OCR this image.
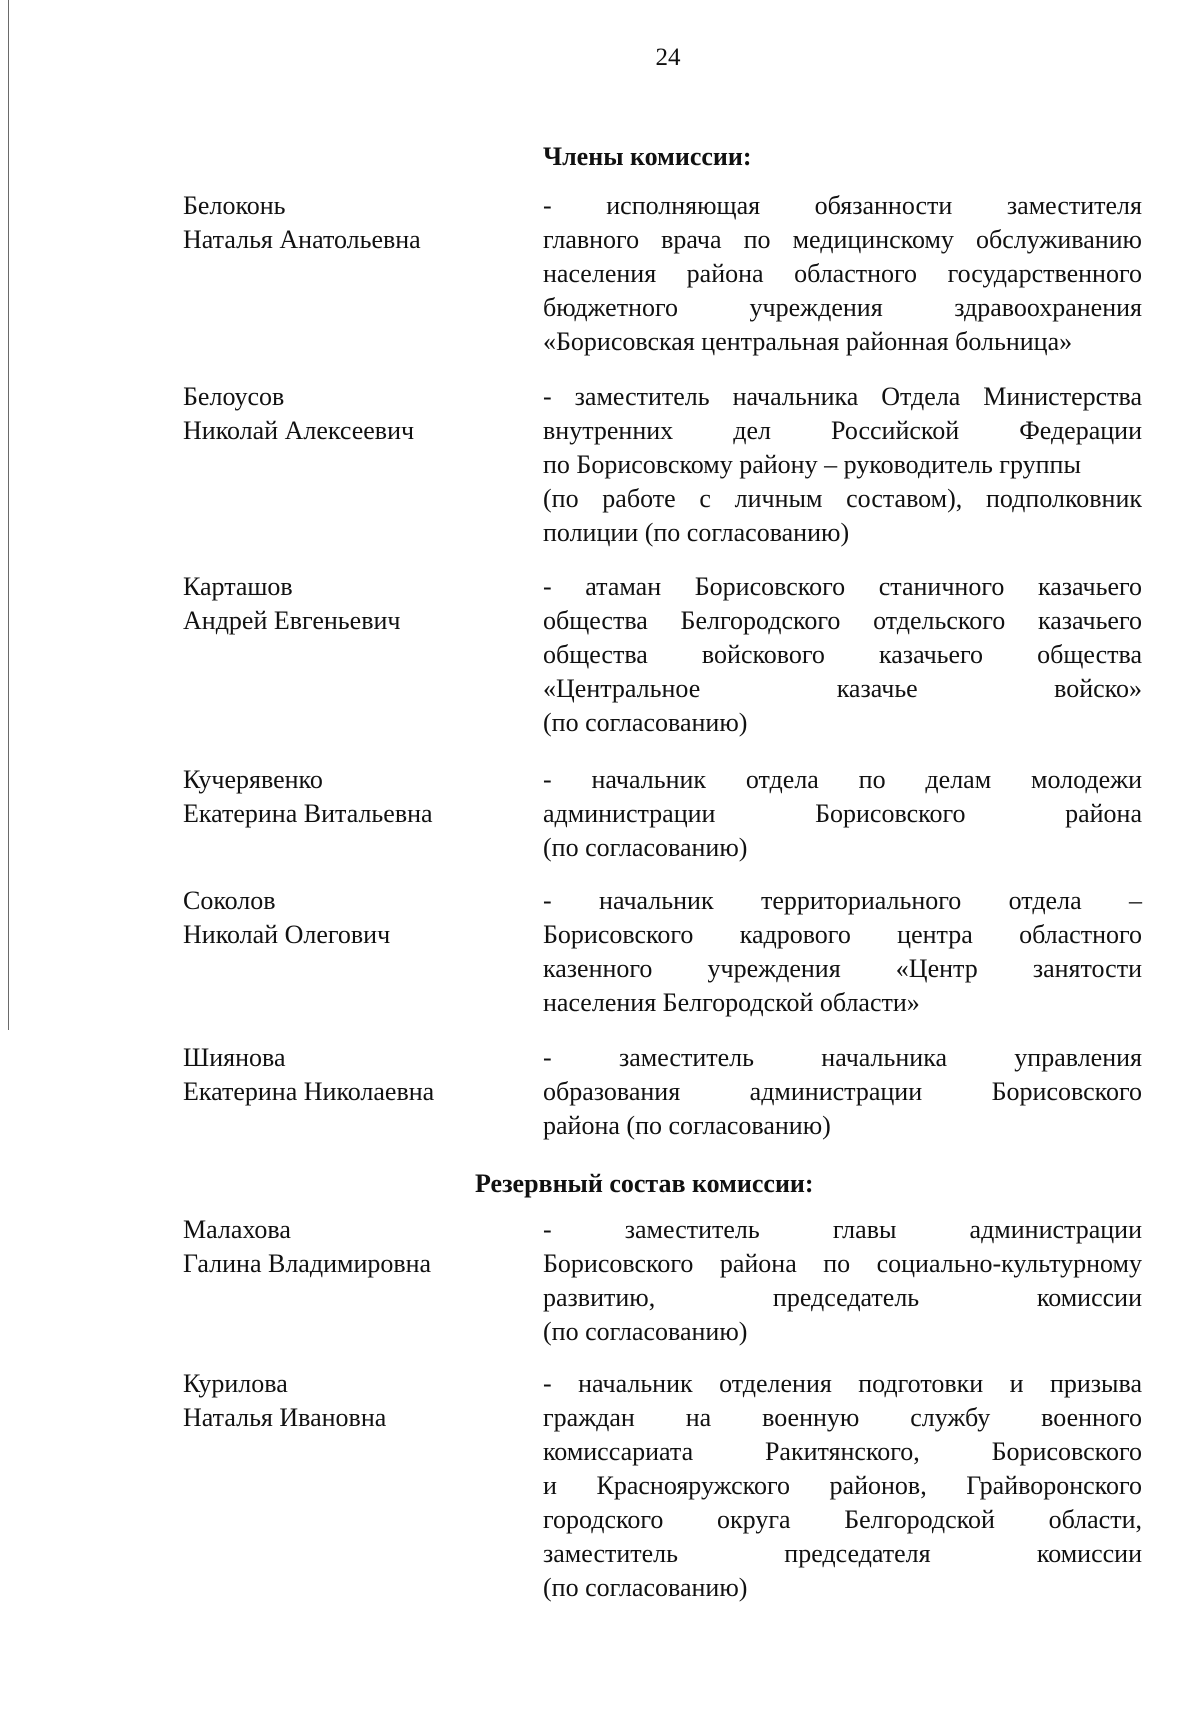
24
Члены комиссии:
Белоконь
Наталья Анатольевна
- исполняющая обязанности заместителя
главного врача по медицинскому обслуживанию
населения района областного государственного
бюджетного учреждения здравоохранения
«Борисовская центральная районная больница»
Белоусов
Николай Алексеевич
- заместитель начальника Отдела Министерства
внутренних дел Российской Федерации
по Борисовскому району – руководитель группы
(по работе с личным составом), подполковник
полиции (по согласованию)
Карташов
Андрей Евгеньевич
- атаман Борисовского станичного казачьего
общества Белгородского отдельского казачьего
общества войскового казачьего общества
«Центральное казачье войско»
(по согласованию)
Кучерявенко
Екатерина Витальевна
- начальник отдела по делам молодежи
администрации Борисовского района
(по согласованию)
Соколов
Николай Олегович
- начальник территориального отдела –
Борисовского кадрового центра областного
казенного учреждения «Центр занятости
населения Белгородской области»
Шиянова
Екатерина Николаевна
- заместитель начальника управления
образования администрации Борисовского
района (по согласованию)
Резервный состав комиссии:
Малахова
Галина Владимировна
- заместитель главы администрации
Борисовского района по социально-культурному
развитию, председатель комиссии
(по согласованию)
Курилова
Наталья Ивановна
- начальник отделения подготовки и призыва
граждан на военную службу военного
комиссариата Ракитянского, Борисовского
и Краснояружского районов, Грайворонского
городского округа Белгородской области,
заместитель председателя комиссии
(по согласованию)
